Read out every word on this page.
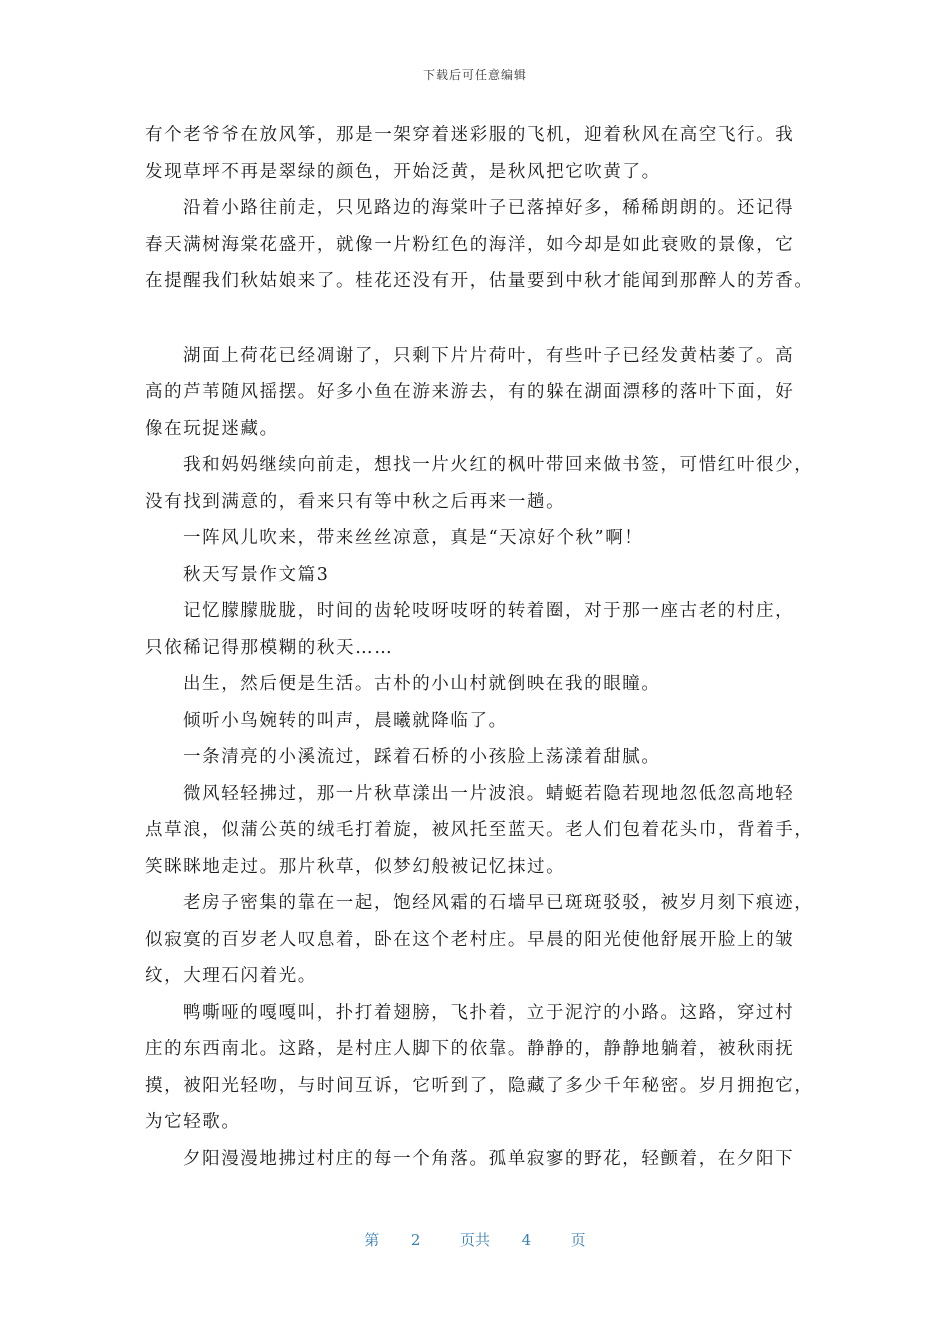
下载后可任意编辑
有个老爷爷在放风筝，那是一架穿着迷彩服的飞机，迎着秋风在高空飞行。我
发现草坪不再是翠绿的颜色，开始泛黄，是秋风把它吹黄了。
沿着小路往前走，只见路边的海棠叶子已落掉好多，稀稀朗朗的。还记得
春天满树海棠花盛开，就像一片粉红色的海洋，如今却是如此衰败的景像，它
在提醒我们秋姑娘来了。桂花还没有开，估量要到中秋才能闻到那醉人的芳香。
湖面上荷花已经凋谢了，只剩下片片荷叶，有些叶子已经发黄枯萎了。高
高的芦苇随风摇摆。好多小鱼在游来游去，有的躲在湖面漂移的落叶下面，好
像在玩捉迷藏。
我和妈妈继续向前走，想找一片火红的枫叶带回来做书签，可惜红叶很少，
没有找到满意的，看来只有等中秋之后再来一趟。
一阵风儿吹来，带来丝丝凉意，真是“天凉好个秋”啊！
秋天写景作文篇3
记忆朦朦胧胧，时间的齿轮吱呀吱呀的转着圈，对于那一座古老的村庄，
只依稀记得那模糊的秋天……
出生，然后便是生活。古朴的小山村就倒映在我的眼瞳。
倾听小鸟婉转的叫声，晨曦就降临了。
一条清亮的小溪流过，踩着石桥的小孩脸上荡漾着甜腻。
微风轻轻拂过，那一片秋草漾出一片波浪。蜻蜓若隐若现地忽低忽高地轻
点草浪，似蒲公英的绒毛打着旋，被风托至蓝天。老人们包着花头巾，背着手，
笑眯眯地走过。那片秋草，似梦幻般被记忆抹过。
老房子密集的靠在一起，饱经风霜的石墙早已斑斑驳驳，被岁月刻下痕迹，
似寂寞的百岁老人叹息着，卧在这个老村庄。早晨的阳光使他舒展开脸上的皱
纹，大理石闪着光。
鸭嘶哑的嘎嘎叫，扑打着翅膀，飞扑着，立于泥泞的小路。这路，穿过村
庄的东西南北。这路，是村庄人脚下的依靠。静静的，静静地躺着，被秋雨抚
摸，被阳光轻吻，与时间互诉，它听到了，隐藏了多少千年秘密。岁月拥抱它，
为它轻歌。
夕阳漫漫地拂过村庄的每一个角落。孤单寂寥的野花，轻颤着，在夕阳下
第 2	页共 4	页
